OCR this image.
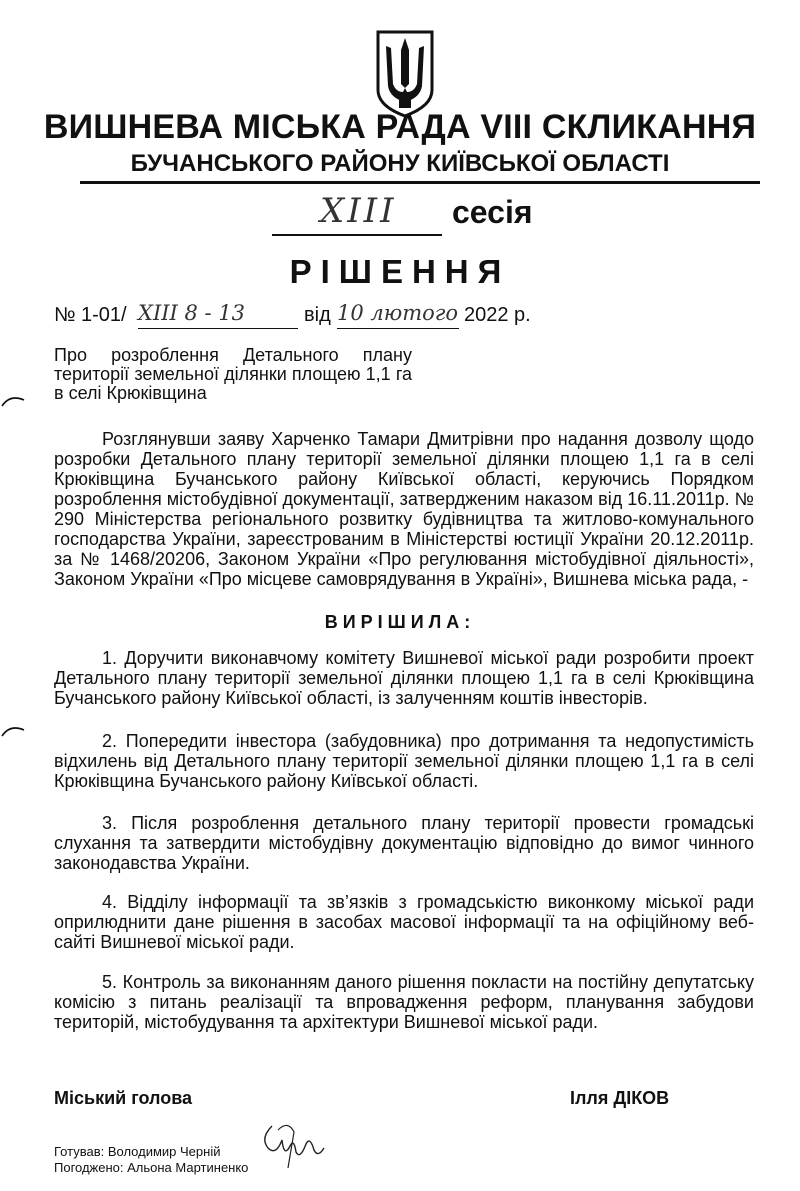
ВИШНЕВА МІСЬКА РАДА VIII СКЛИКАННЯ
БУЧАНСЬКОГО РАЙОНУ КИЇВСЬКОЇ ОБЛАСТІ
XIII сесія
РІШЕННЯ
№ 1-01/ XIII 8 - 13	від 10 лютого 2022 р.
Про розроблення Детального плану території земельної ділянки площею 1,1 га в селі Крюківщина
Розглянувши заяву Харченко Тамари Дмитрівни про надання дозволу щодо розробки Детального плану території земельної ділянки площею 1,1 га в селі Крюківщина Бучанського району Київської області, керуючись Порядком розроблення містобудівної документації, затвердженим наказом від 16.11.2011р. № 290 Міністерства регіонального розвитку будівництва та житлово-комунального господарства України, зареєстрованим в Міністерстві юстиції України 20.12.2011р. за № 1468/20206, Законом України «Про регулювання містобудівної діяльності», Законом України «Про місцеве самоврядування в Україні», Вишнева міська рада, -
ВИРІШИЛА:
1. Доручити виконавчому комітету Вишневої міської ради розробити проект Детального плану території земельної ділянки площею 1,1 га в селі Крюківщина Бучанського району Київської області, із залученням коштів інвесторів.
2. Попередити інвестора (забудовника) про дотримання та недопустимість відхилень від Детального плану території земельної ділянки площею 1,1 га в селі Крюківщина Бучанського району Київської області.
3. Після розроблення детального плану території провести громадські слухання та затвердити містобудівну документацію відповідно до вимог чинного законодавства України.
4. Відділу інформації та зв’язків з громадськістю виконкому міської ради оприлюднити дане рішення в засобах масової інформації та на офіційному веб-сайті Вишневої міської ради.
5. Контроль за виконанням даного рішення покласти на постійну депутатську комісію з питань реалізації та впровадження реформ, планування забудови територій, містобудування та архітектури Вишневої міської ради.
Міський голова	Ілля ДІКОВ
Готував: Володимир Черній
Погоджено: Альона Мартиненко
